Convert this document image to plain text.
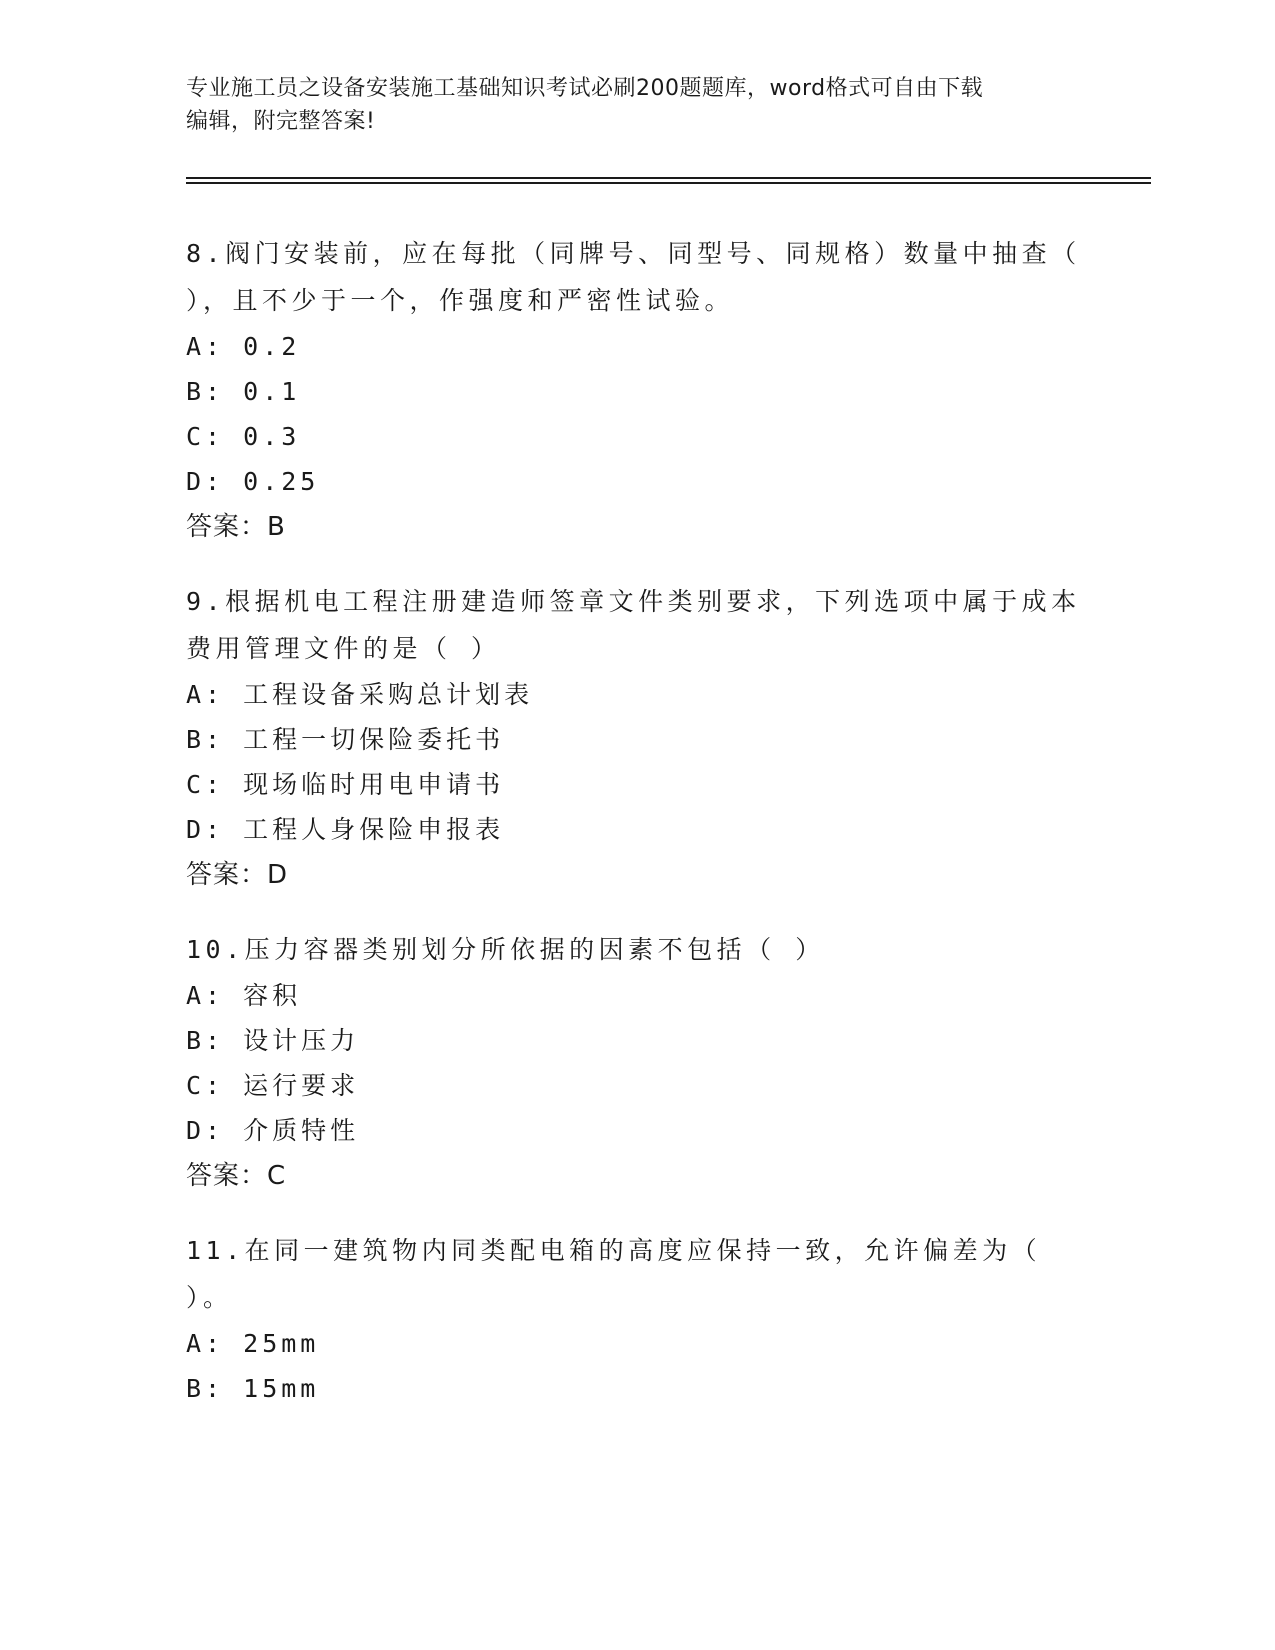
专业施工员之设备安装施工基础知识考试必刷200题题库，word格式可自由下载
编辑，附完整答案!

8.阀门安装前，应在每批（同牌号、同型号、同规格）数量中抽查（ ），且不少于一个，作强度和严密性试验。

A: 0.2

B: 0.1

C: 0.3

D: 0.25

答案：B

9.根据机电工程注册建造师签章文件类别要求，下列选项中属于成本费用管理文件的是（ ）

A: 工程设备采购总计划表

B: 工程一切保险委托书

C: 现场临时用电申请书

D: 工程人身保险申报表

答案：D

10.压力容器类别划分所依据的因素不包括（ ）

A: 容积

B: 设计压力

C: 运行要求

D: 介质特性

答案：C

11.在同一建筑物内同类配电箱的高度应保持一致，允许偏差为（ ）。

A: 25mm

B: 15mm
